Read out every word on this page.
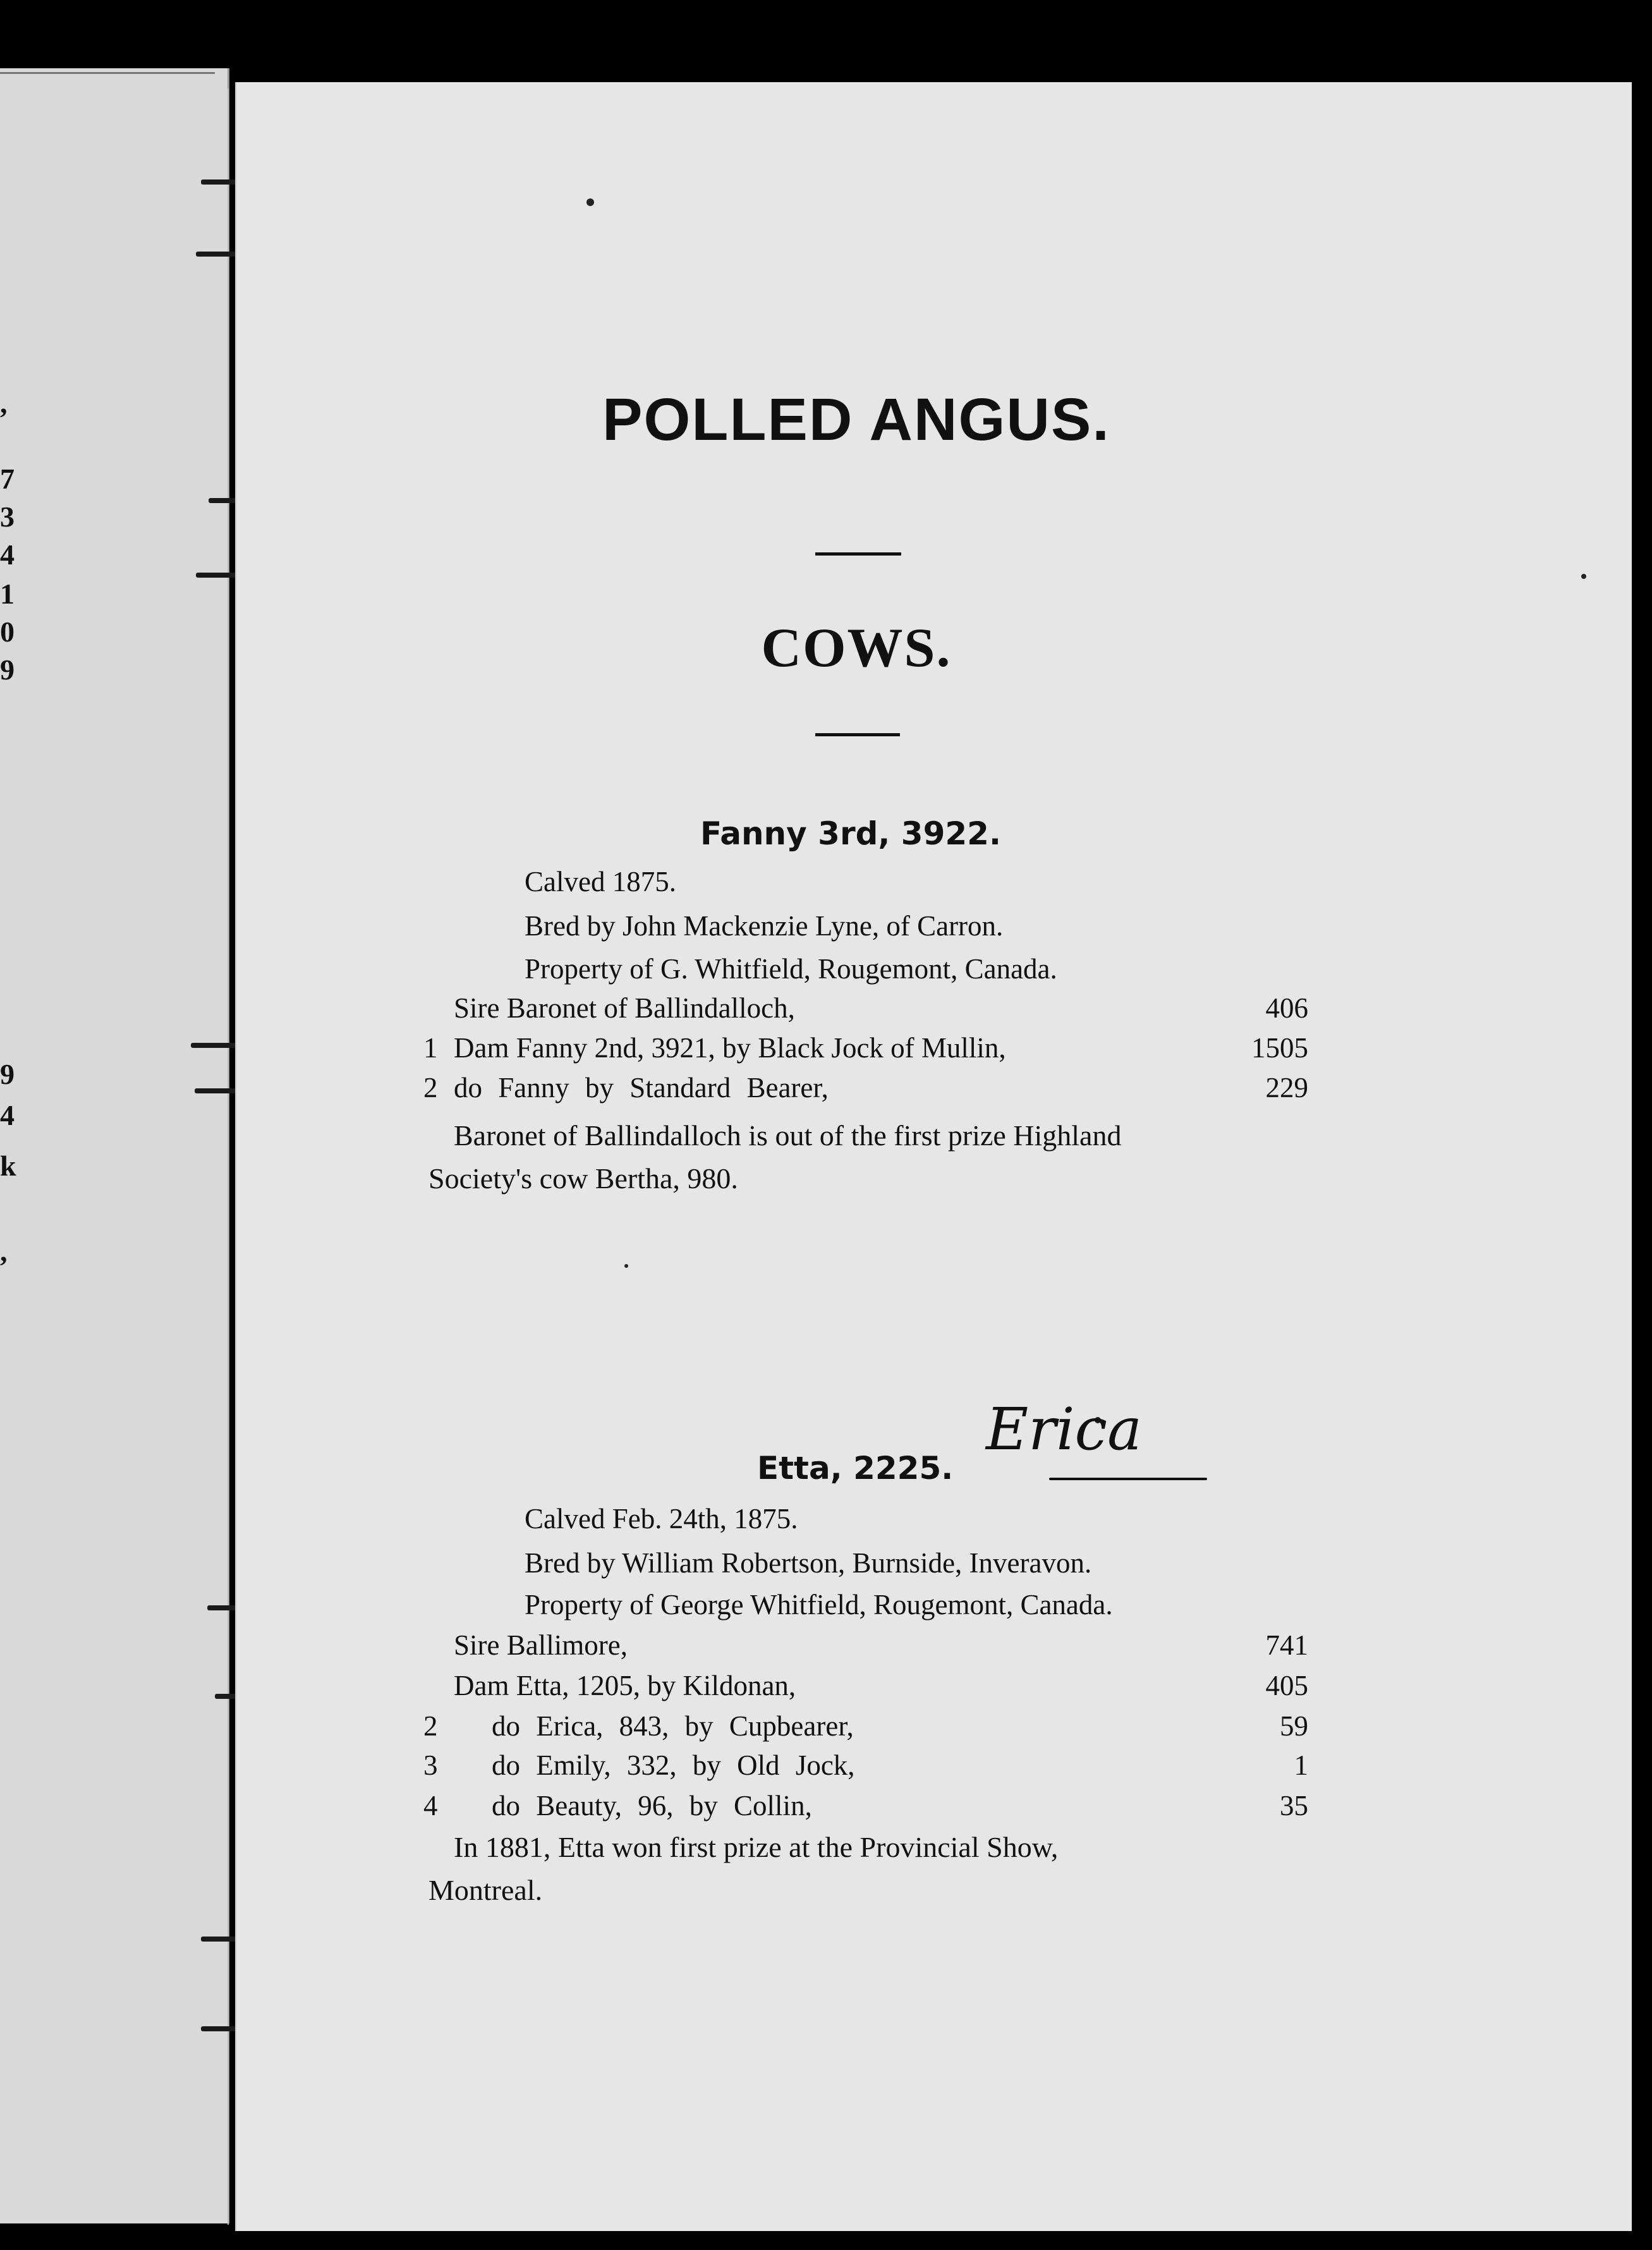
,
7
3
4
1
0
9
9
4
k
,
POLLED ANGUS.
COWS.
Fanny 3rd, 3922.
Calved 1875.
Bred by John Mackenzie Lyne, of Carron.
Property of G. Whitfield, Rougemont, Canada.
Sire Baronet of Ballindalloch,	406
1 Dam Fanny 2nd, 3921, by Black Jock of Mullin,	1505
2 do Fanny by Standard Bearer,	229
Baronet of Ballindalloch is out of the first prize Highland
Society's cow Bertha, 980.
Etta, 2225.
Erica
Calved Feb. 24th, 1875.
Bred by William Robertson, Burnside, Inveravon.
Property of George Whitfield, Rougemont, Canada.
Sire Ballimore,	741
Dam Etta, 1205, by Kildonan,	405
2 do Erica, 843, by Cupbearer,	59
3 do Emily, 332, by Old Jock,	1
4 do Beauty, 96, by Collin,	35
In 1881, Etta won first prize at the Provincial Show,
Montreal.
